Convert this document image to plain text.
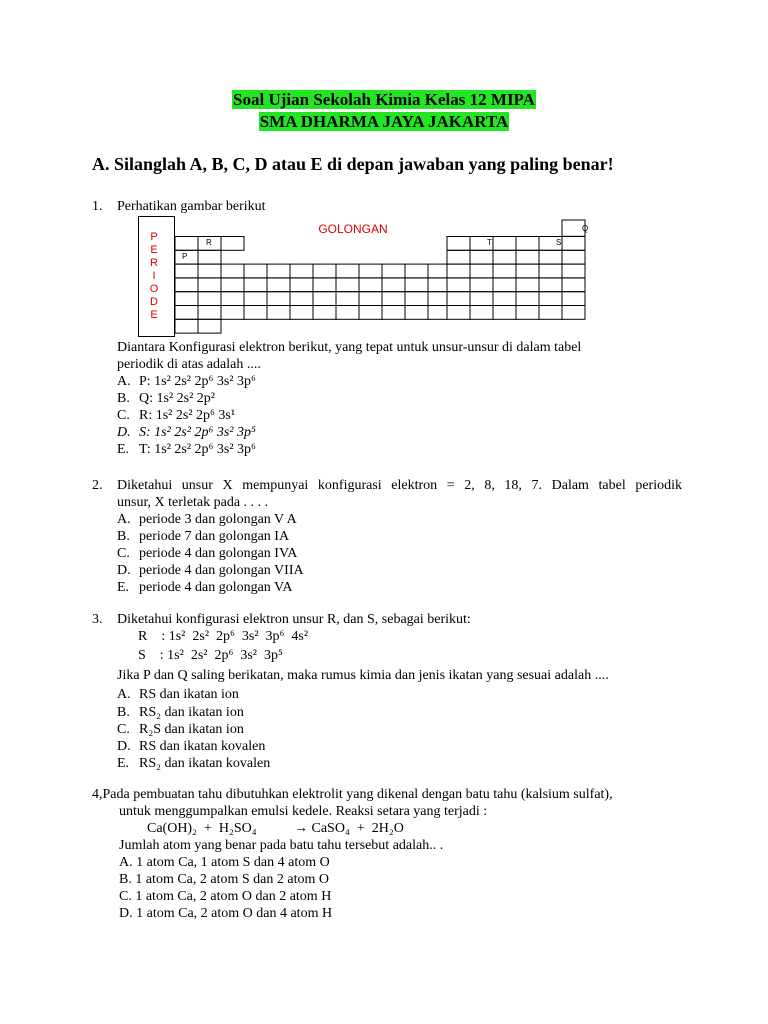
Soal Ujian Sekolah Kimia Kelas 12 MIPA
SMA DHARMA JAYA JAKARTA

A. Silanglah A, B, C, D atau E di depan jawaban yang paling benar!

1. Perhatikan gambar berikut
P
E
R
I
O
D
E
GOLONGAN
R
P
T	S
Q
Diantara Konfigurasi elektron berikut, yang tepat untuk unsur-unsur di dalam tabel
periodik di atas adalah ....
A. P: 1s² 2s² 2p⁶ 3s² 3p⁶
B. Q: 1s² 2s² 2p²
C. R: 1s² 2s² 2p⁶ 3s¹
D. S: 1s² 2s² 2p⁶ 3s² 3p⁵
E. T: 1s² 2s² 2p⁶ 3s² 3p⁶
2. Diketahui unsur X mempunyai konfigurasi elektron = 2, 8, 18, 7. Dalam tabel periodik
unsur, X terletak pada . . . .
A. periode 3 dan golongan V A
B. periode 7 dan golongan IA
C. periode 4 dan golongan IVA
D. periode 4 dan golongan VIIA
E. periode 4 dan golongan VA
3. Diketahui konfigurasi elektron unsur R, dan S, sebagai berikut:
R    : 1s²  2s²  2p⁶  3s²  3p⁶  4s²
S    : 1s²  2s²  2p⁶  3s²  3p⁵
Jika P dan Q saling berikatan, maka rumus kimia dan jenis ikatan yang sesuai adalah ....
A. RS dan ikatan ion
B. RS₂ dan ikatan ion
C. R₂S dan ikatan ion
D. RS dan ikatan kovalen
E. RS₂ dan ikatan kovalen
4,Pada pembuatan tahu dibutuhkan elektrolit yang dikenal dengan batu tahu (kalsium sulfat),
untuk menggumpalkan emulsi kedele. Reaksi setara yang terjadi :
Ca(OH)₂  +  H₂SO₄	→ CaSO₄  +  2H₂O
Jumlah atom yang benar pada batu tahu tersebut adalah.. .
A. 1 atom Ca, 1 atom S dan 4 atom O
B. 1 atom Ca, 2 atom S dan 2 atom O
C. 1 atom Ca, 2 atom O dan 2 atom H
D. 1 atom Ca, 2 atom O dan 4 atom H
